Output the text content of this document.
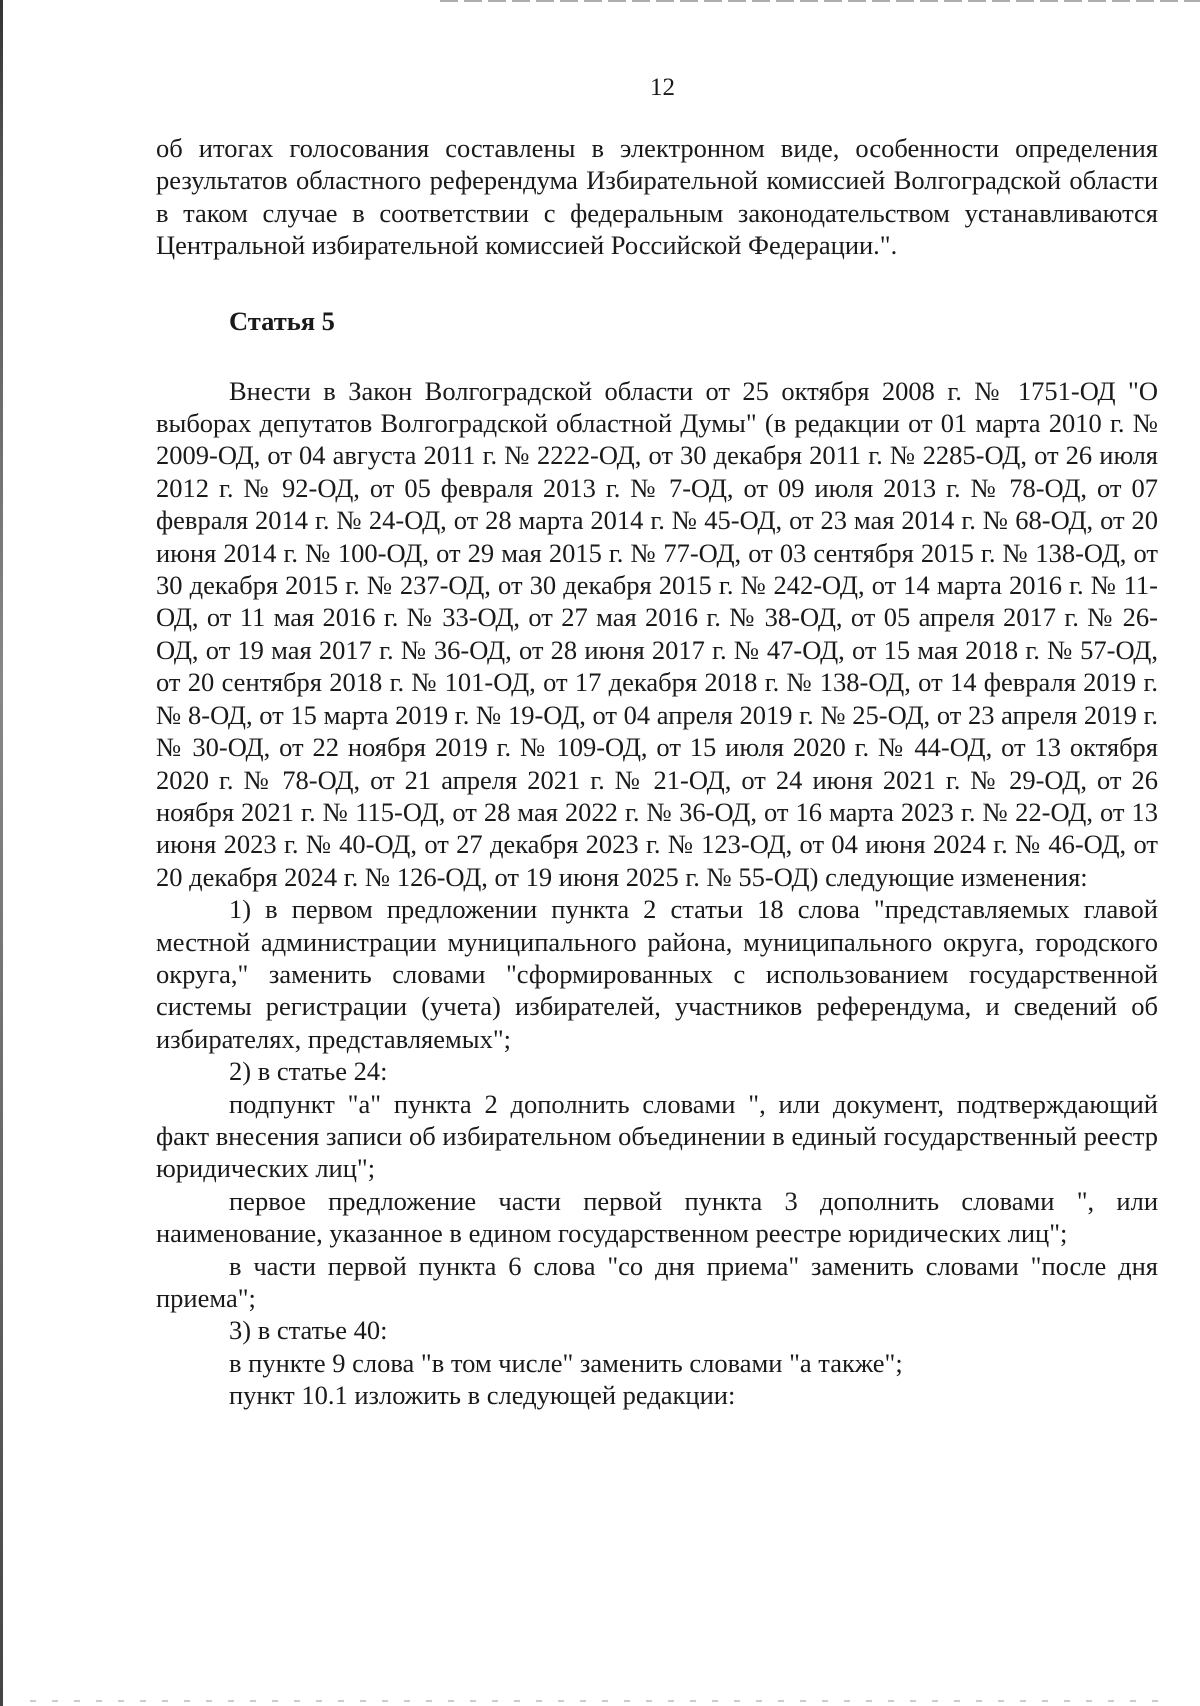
12

об итогах голосования составлены в электронном виде, особенности определения результатов областного референдума Избирательной комиссией Волгоградской области в таком случае в соответствии с федеральным законодательством устанавливаются Центральной избирательной комиссией Российской Федерации.".

Статья 5

Внести в Закон Волгоградской области от 25 октября 2008 г. № 1751-ОД "О выборах депутатов Волгоградской областной Думы" (в редакции от 01 марта 2010 г. № 2009-ОД, от 04 августа 2011 г. № 2222-ОД, от 30 декабря 2011 г. № 2285-ОД, от 26 июля 2012 г. № 92-ОД, от 05 февраля 2013 г. № 7-ОД, от 09 июля 2013 г. № 78-ОД, от 07 февраля 2014 г. № 24-ОД, от 28 марта 2014 г. № 45-ОД, от 23 мая 2014 г. № 68-ОД, от 20 июня 2014 г. № 100-ОД, от 29 мая 2015 г. № 77-ОД, от 03 сентября 2015 г. № 138-ОД, от 30 декабря 2015 г. № 237-ОД, от 30 декабря 2015 г. № 242-ОД, от 14 марта 2016 г. № 11-ОД, от 11 мая 2016 г. № 33-ОД, от 27 мая 2016 г. № 38-ОД, от 05 апреля 2017 г. № 26-ОД, от 19 мая 2017 г. № 36-ОД, от 28 июня 2017 г. № 47-ОД, от 15 мая 2018 г. № 57-ОД, от 20 сентября 2018 г. № 101-ОД, от 17 декабря 2018 г. № 138-ОД, от 14 февраля 2019 г. № 8-ОД, от 15 марта 2019 г. № 19-ОД, от 04 апреля 2019 г. № 25-ОД, от 23 апреля 2019 г. № 30-ОД, от 22 ноября 2019 г. № 109-ОД, от 15 июля 2020 г. № 44-ОД, от 13 октября 2020 г. № 78-ОД, от 21 апреля 2021 г. № 21-ОД, от 24 июня 2021 г. № 29-ОД, от 26 ноября 2021 г. № 115-ОД, от 28 мая 2022 г. № 36-ОД, от 16 марта 2023 г. № 22-ОД, от 13 июня 2023 г. № 40-ОД, от 27 декабря 2023 г. № 123-ОД, от 04 июня 2024 г. № 46-ОД, от 20 декабря 2024 г. № 126-ОД, от 19 июня 2025 г. № 55-ОД) следующие изменения:

1) в первом предложении пункта 2 статьи 18 слова "представляемых главой местной администрации муниципального района, муниципального округа, городского округа," заменить словами "сформированных с использованием государственной системы регистрации (учета) избирателей, участников референдума, и сведений об избирателях, представляемых";

2) в статье 24:

подпункт "а" пункта 2 дополнить словами ", или документ, подтверждающий факт внесения записи об избирательном объединении в единый государственный реестр юридических лиц";

первое предложение части первой пункта 3 дополнить словами ", или наименование, указанное в едином государственном реестре юридических лиц";

в части первой пункта 6 слова "со дня приема" заменить словами "после дня приема";

3) в статье 40:

в пункте 9 слова "в том числе" заменить словами "а также";

пункт 10.1 изложить в следующей редакции:
